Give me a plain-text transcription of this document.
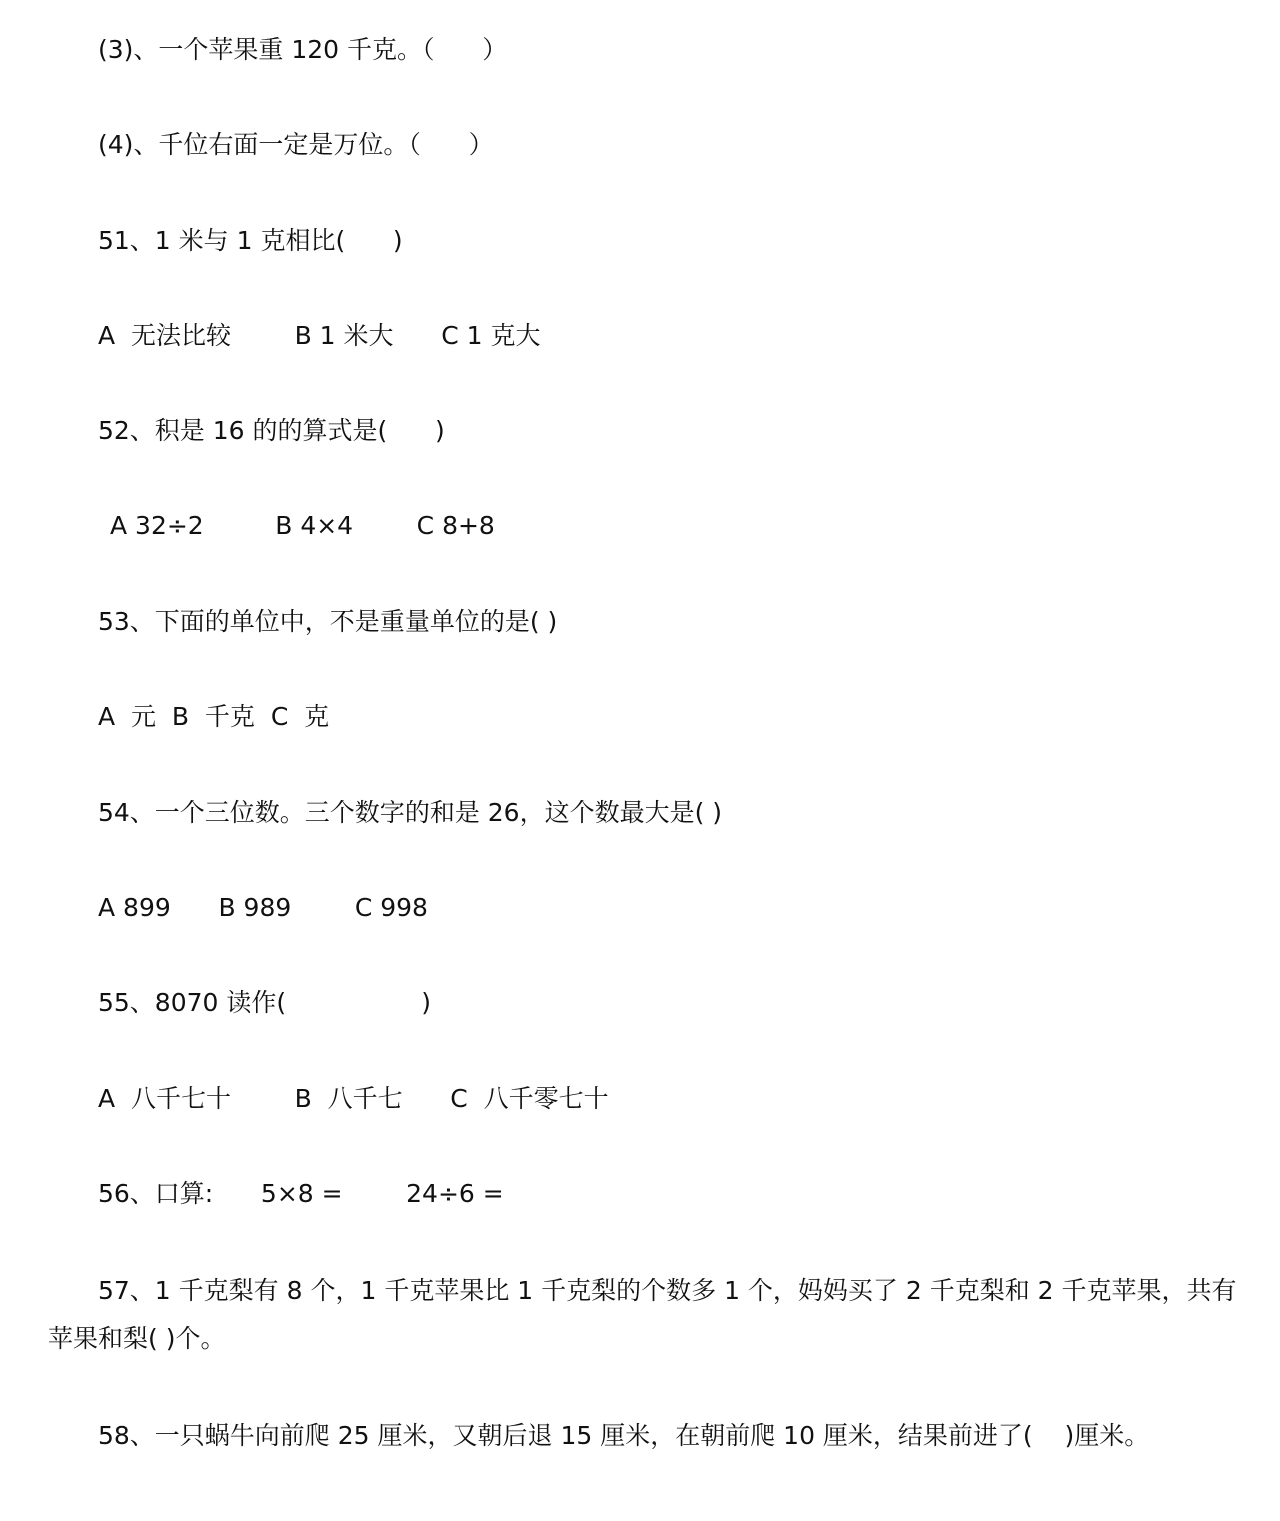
(3)、一个苹果重 120 千克。（      ）
(4)、千位右面一定是万位。（      ）
51、1 米与 1 克相比(      )
A  无法比较        B 1 米大      C 1 克大
52、积是 16 的的算式是(      )
A 32÷2         B 4×4        C 8+8
53、下面的单位中，不是重量单位的是( )
A  元  B  千克  C  克
54、一个三位数。三个数字的和是 26，这个数最大是( )
A 899      B 989        C 998
55、8070 读作(                 )
A  八千七十        B  八千七      C  八千零七十
56、口算:      5×8 =        24÷6 =
57、1 千克梨有 8 个，1 千克苹果比 1 千克梨的个数多 1 个，妈妈买了 2 千克梨和 2 千克苹果，共有苹果和梨( )个。
58、一只蜗牛向前爬 25 厘米，又朝后退 15 厘米，在朝前爬 10 厘米，结果前进了(    )厘米。
